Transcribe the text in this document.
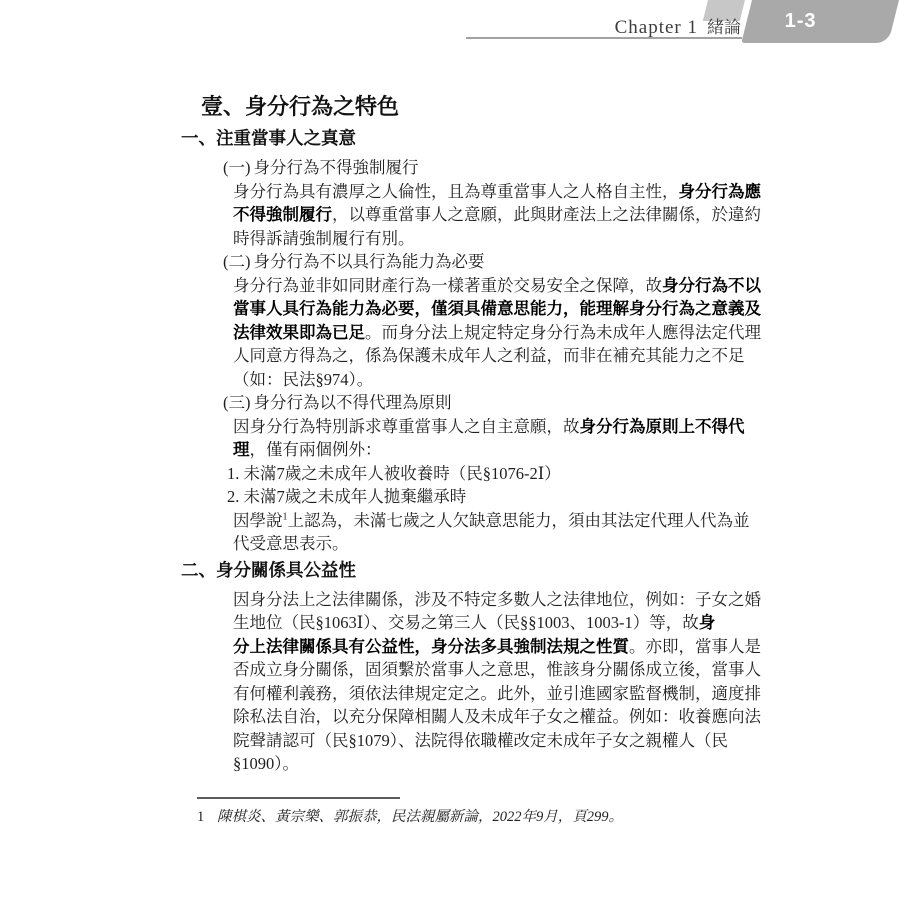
Chapter 1 緒論	1-3
壹、身分行為之特色
一、注重當事人之真意
(一) 身分行為不得強制履行
身分行為具有濃厚之人倫性，且為尊重當事人之人格自主性，身分行為應
不得強制履行，以尊重當事人之意願，此與財產法上之法律關係，於違約
時得訴請強制履行有別。
(二) 身分行為不以具行為能力為必要
身分行為並非如同財產行為一樣著重於交易安全之保障，故身分行為不以
當事人具行為能力為必要，僅須具備意思能力，能理解身分行為之意義及
法律效果即為已足。而身分法上規定特定身分行為未成年人應得法定代理
人同意方得為之，係為保護未成年人之利益，而非在補充其能力之不足
（如：民法§974）。
(三) 身分行為以不得代理為原則
因身分行為特別訴求尊重當事人之自主意願，故身分行為原則上不得代
理，僅有兩個例外：
1. 未滿7歲之未成年人被收養時（民§1076-2Ⅰ）
2. 未滿7歲之未成年人拋棄繼承時
因學說$^1$上認為，未滿七歲之人欠缺意思能力，須由其法定代理人代為並
代受意思表示。
二、身分關係具公益性
因身分法上之法律關係，涉及不特定多數人之法律地位，例如：子女之婚
生地位（民§1063Ⅰ）、交易之第三人（民§§1003、1003-1）等，故身
分上法律關係具有公益性，身分法多具強制法規之性質。亦即，當事人是
否成立身分關係，固須繫於當事人之意思，惟該身分關係成立後，當事人
有何權利義務，須依法律規定定之。此外，並引進國家監督機制，適度排
除私法自治，以充分保障相關人及未成年子女之權益。例如：收養應向法
院聲請認可（民§1079）、法院得依職權改定未成年子女之親權人（民
§1090）。
1 陳棋炎、黃宗樂、郭振恭，民法親屬新論，2022年9月，頁299。
